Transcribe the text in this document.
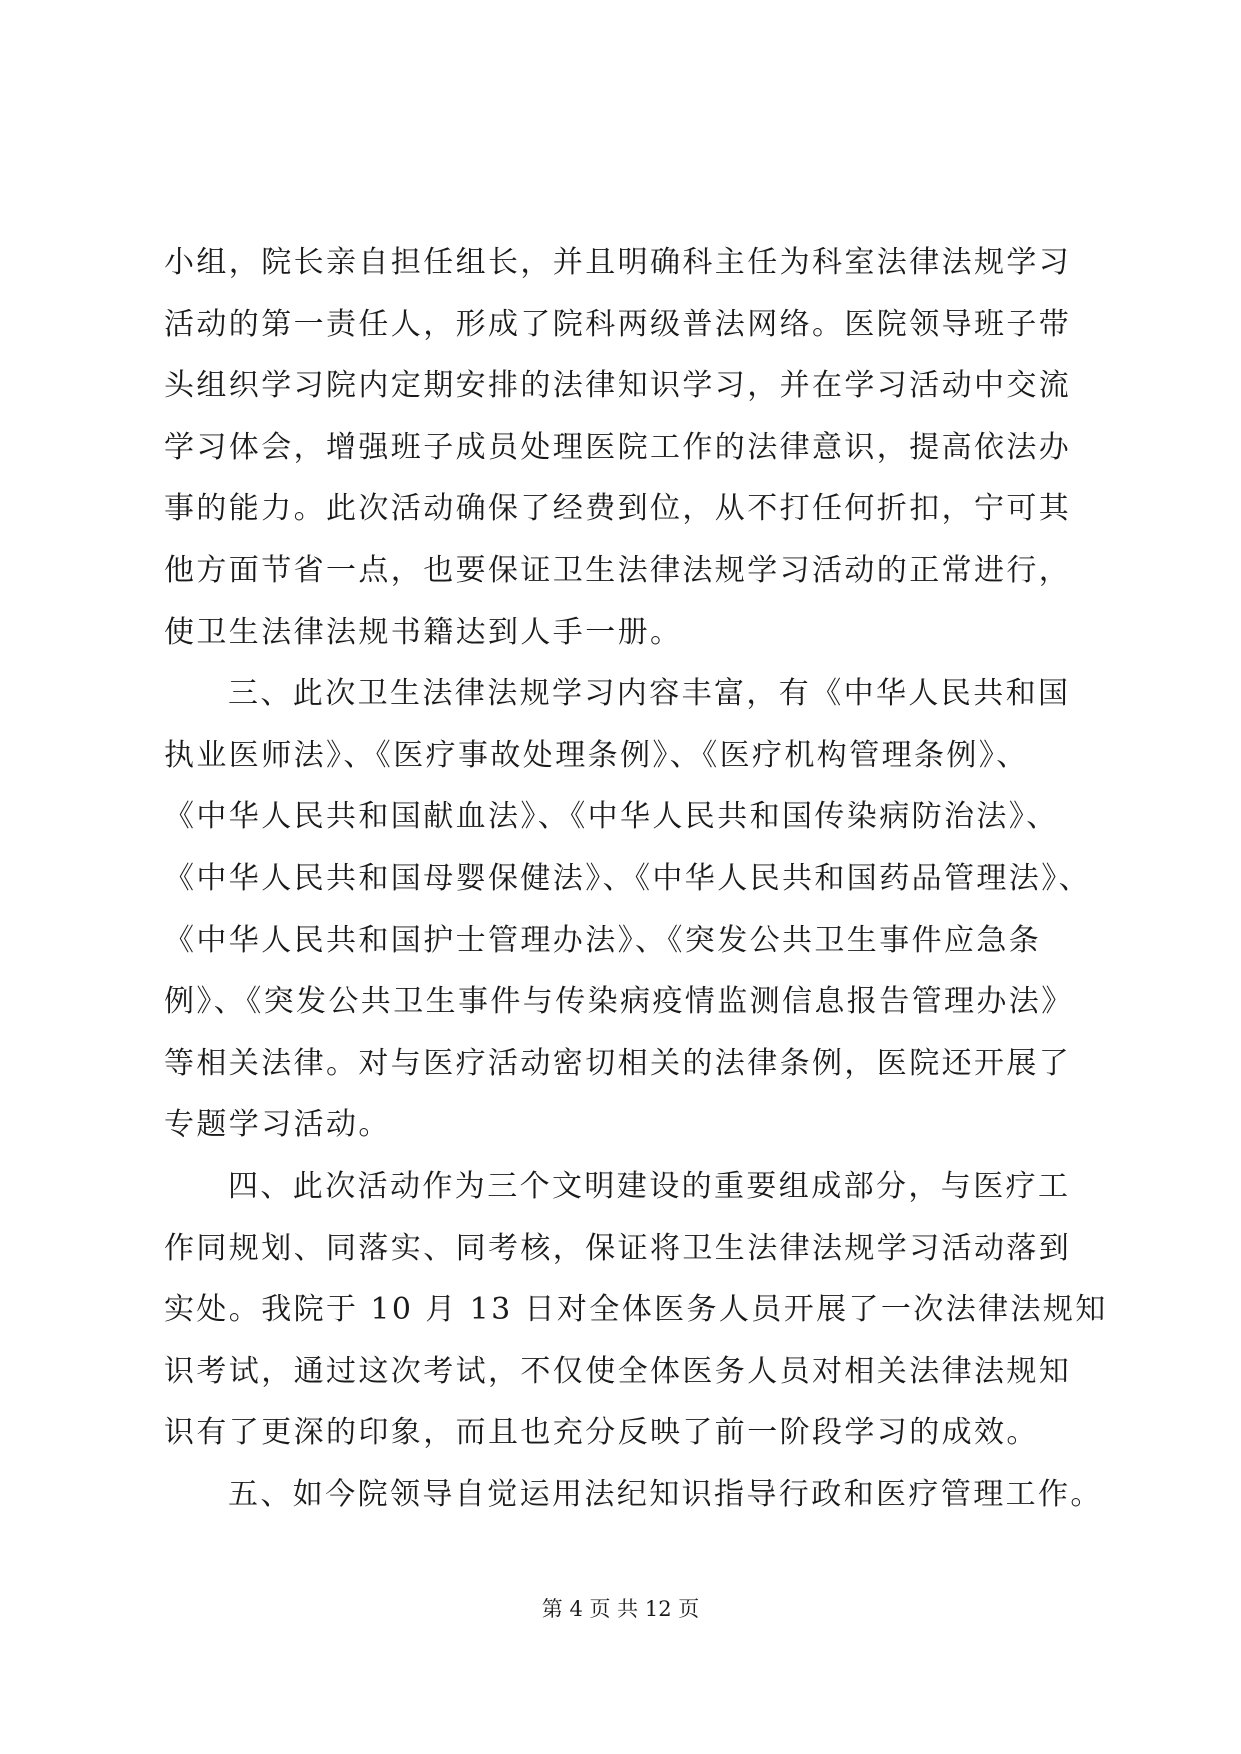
小组，院长亲自担任组长，并且明确科主任为科室法律法规学习
活动的第一责任人，形成了院科两级普法网络。医院领导班子带
头组织学习院内定期安排的法律知识学习，并在学习活动中交流
学习体会，增强班子成员处理医院工作的法律意识，提高依法办
事的能力。此次活动确保了经费到位，从不打任何折扣，宁可其
他方面节省一点，也要保证卫生法律法规学习活动的正常进行，
使卫生法律法规书籍达到人手一册。
三、此次卫生法律法规学习内容丰富，有《中华人民共和国
执业医师法》、《医疗事故处理条例》、《医疗机构管理条例》、
《中华人民共和国献血法》、《中华人民共和国传染病防治法》、
《中华人民共和国母婴保健法》、《中华人民共和国药品管理法》、
《中华人民共和国护士管理办法》、《突发公共卫生事件应急条
例》、《突发公共卫生事件与传染病疫情监测信息报告管理办法》
等相关法律。对与医疗活动密切相关的法律条例，医院还开展了
专题学习活动。
四、此次活动作为三个文明建设的重要组成部分，与医疗工
作同规划、同落实、同考核，保证将卫生法律法规学习活动落到
实处。我院于 10 月 13 日对全体医务人员开展了一次法律法规知
识考试，通过这次考试，不仅使全体医务人员对相关法律法规知
识有了更深的印象，而且也充分反映了前一阶段学习的成效。
五、如今院领导自觉运用法纪知识指导行政和医疗管理工作。
第 4 页 共 12 页
